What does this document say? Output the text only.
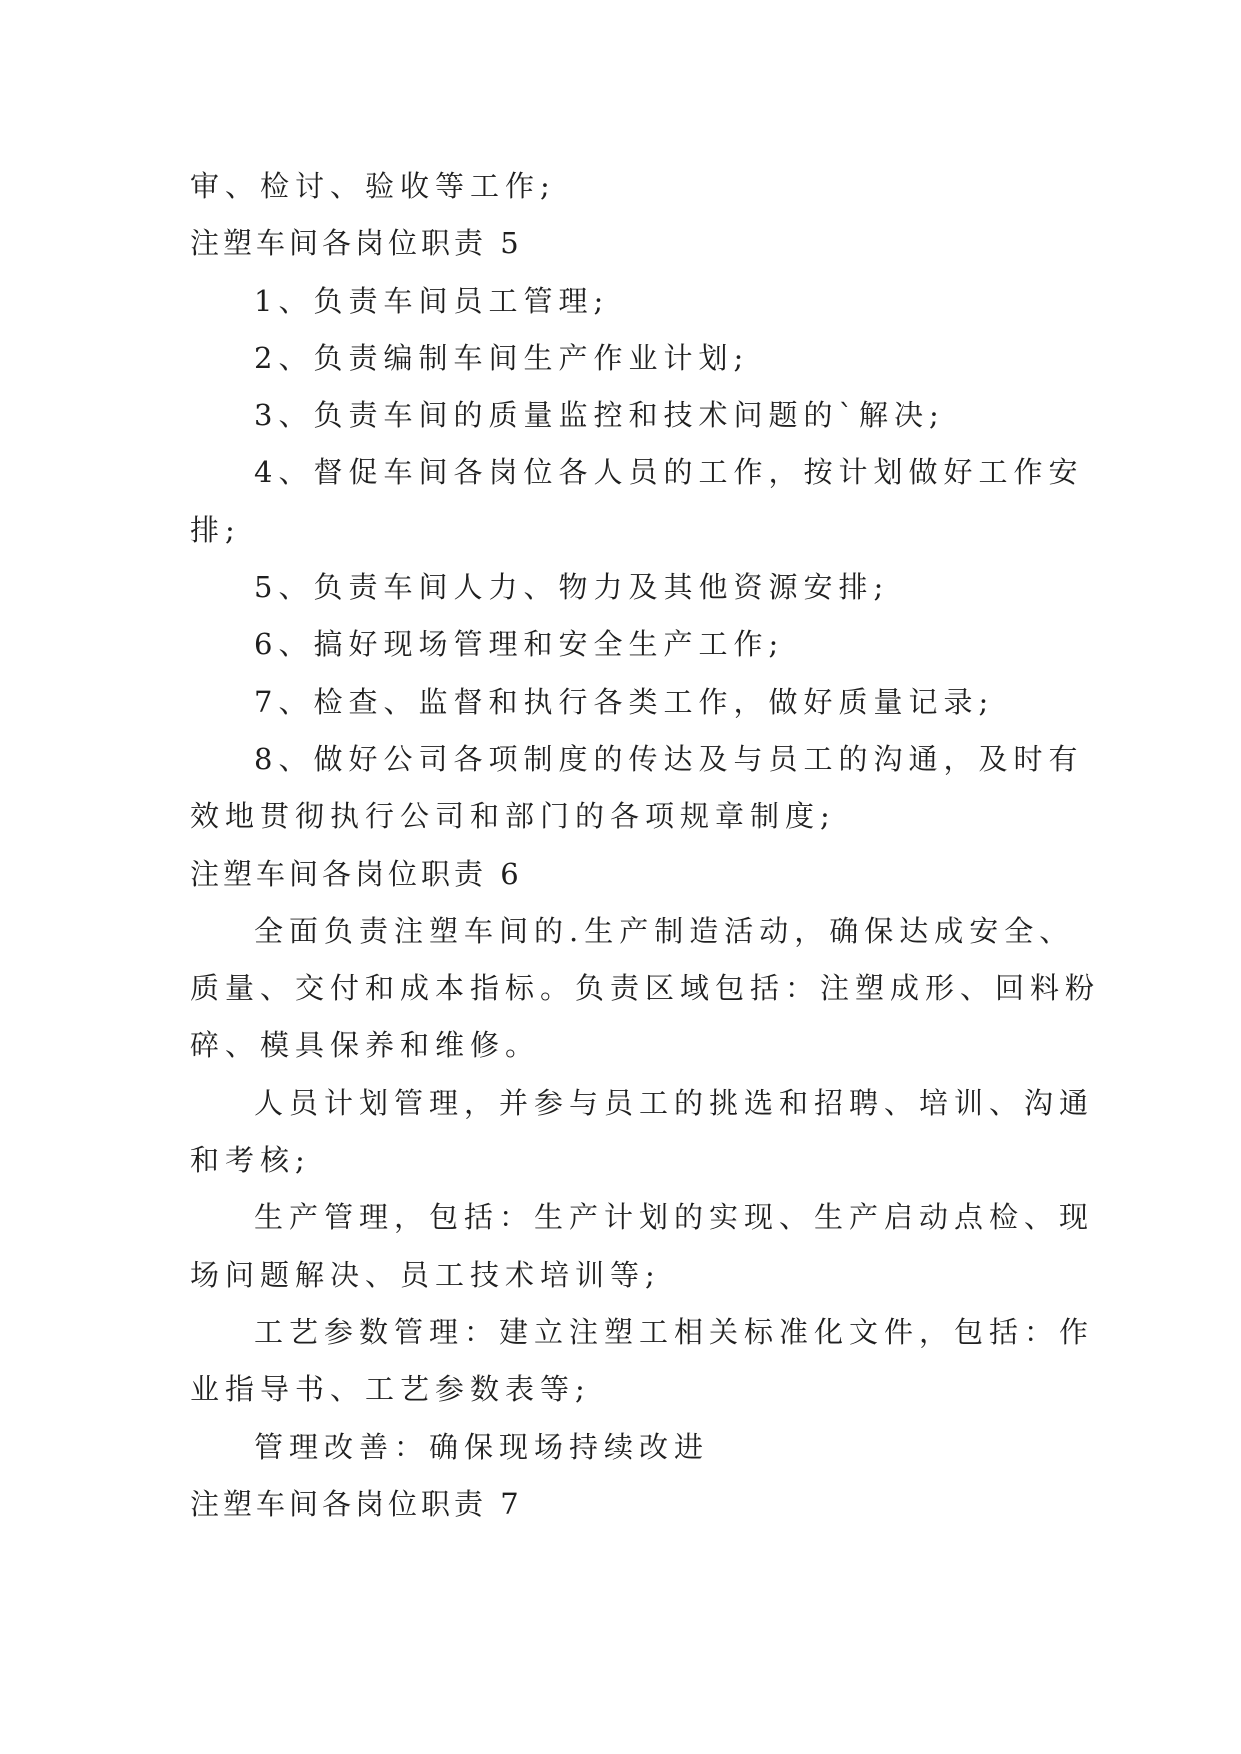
审、检讨、验收等工作;
注塑车间各岗位职责 5
1、负责车间员工管理;
2、负责编制车间生产作业计划;
3、负责车间的质量监控和技术问题的`解决;
4、督促车间各岗位各人员的工作，按计划做好工作安
排;
5、负责车间人力、物力及其他资源安排;
6、搞好现场管理和安全生产工作;
7、检查、监督和执行各类工作，做好质量记录;
8、做好公司各项制度的传达及与员工的沟通，及时有
效地贯彻执行公司和部门的各项规章制度;
注塑车间各岗位职责 6
全面负责注塑车间的.生产制造活动，确保达成安全、
质量、交付和成本指标。负责区域包括：注塑成形、回料粉
碎、模具保养和维修。
人员计划管理，并参与员工的挑选和招聘、培训、沟通
和考核;
生产管理，包括：生产计划的实现、生产启动点检、现
场问题解决、员工技术培训等;
工艺参数管理：建立注塑工相关标准化文件，包括：作
业指导书、工艺参数表等;
管理改善：确保现场持续改进
注塑车间各岗位职责 7
